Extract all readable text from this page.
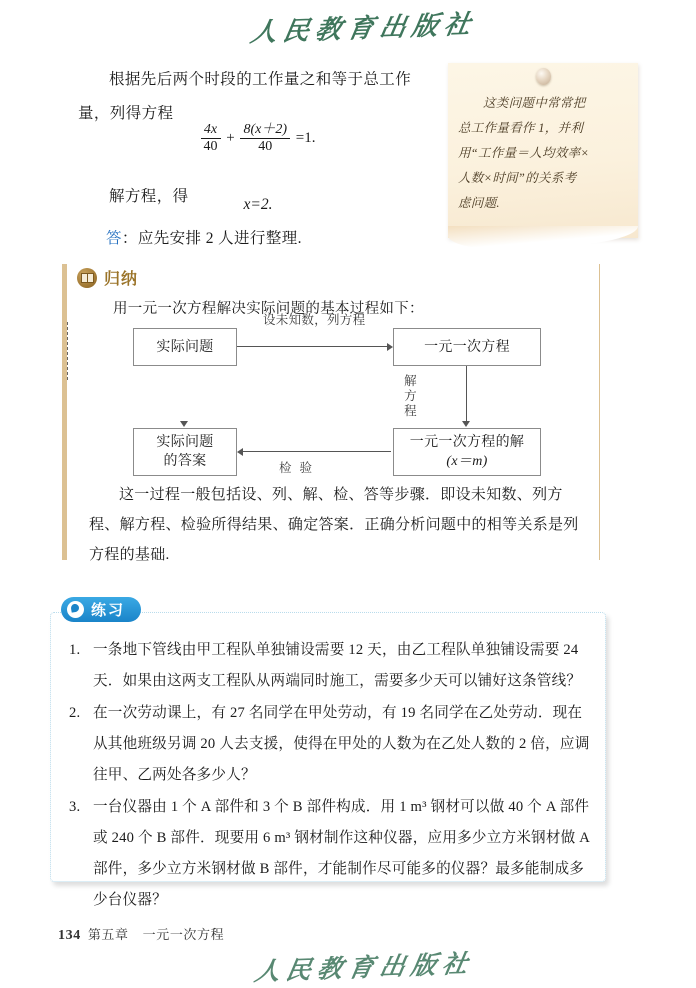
人民教育出版社
根据先后两个时段的工作量之和等于总工作
量，列得方程
$\frac{4x}{40} + \frac{8(x+2)}{40} =1$.
解方程，得	x=2.
答：应先安排 2 人进行整理.
这类问题中常常把
总工作量看作 1，并利
用“工作量＝人均效率×
人数×时间”的关系考
虑问题.
归纳
用一元一次方程解决实际问题的基本过程如下：
实际问题	一元一次方程
实际问题
的答案
一元一次方程的解
(x＝m)
设未知数，列方程
解方程
检验
这一过程一般包括设、列、解、检、答等步骤．即设未知数、列方
程、解方程、检验所得结果、确定答案．正确分析问题中的相等关系是列
方程的基础.
练习
1. 一条地下管线由甲工程队单独铺设需要 12 天，由乙工程队单独铺设需要 24 天．如果由这两支工程队从两端同时施工，需要多少天可以铺好这条管线？
2. 在一次劳动课上，有 27 名同学在甲处劳动，有 19 名同学在乙处劳动．现在从其他班级另调 20 人去支援，使得在甲处的人数为在乙处人数的 2 倍，应调往甲、乙两处各多少人？
3. 一台仪器由 1 个 A 部件和 3 个 B 部件构成．用 1 m³ 钢材可以做 40 个 A 部件或 240 个 B 部件．现要用 6 m³ 钢材制作这种仪器，应用多少立方米钢材做 A 部件，多少立方米钢材做 B 部件，才能制作尽可能多的仪器？最多能制成多少台仪器？
134 第五章 一元一次方程
人民教育出版社
